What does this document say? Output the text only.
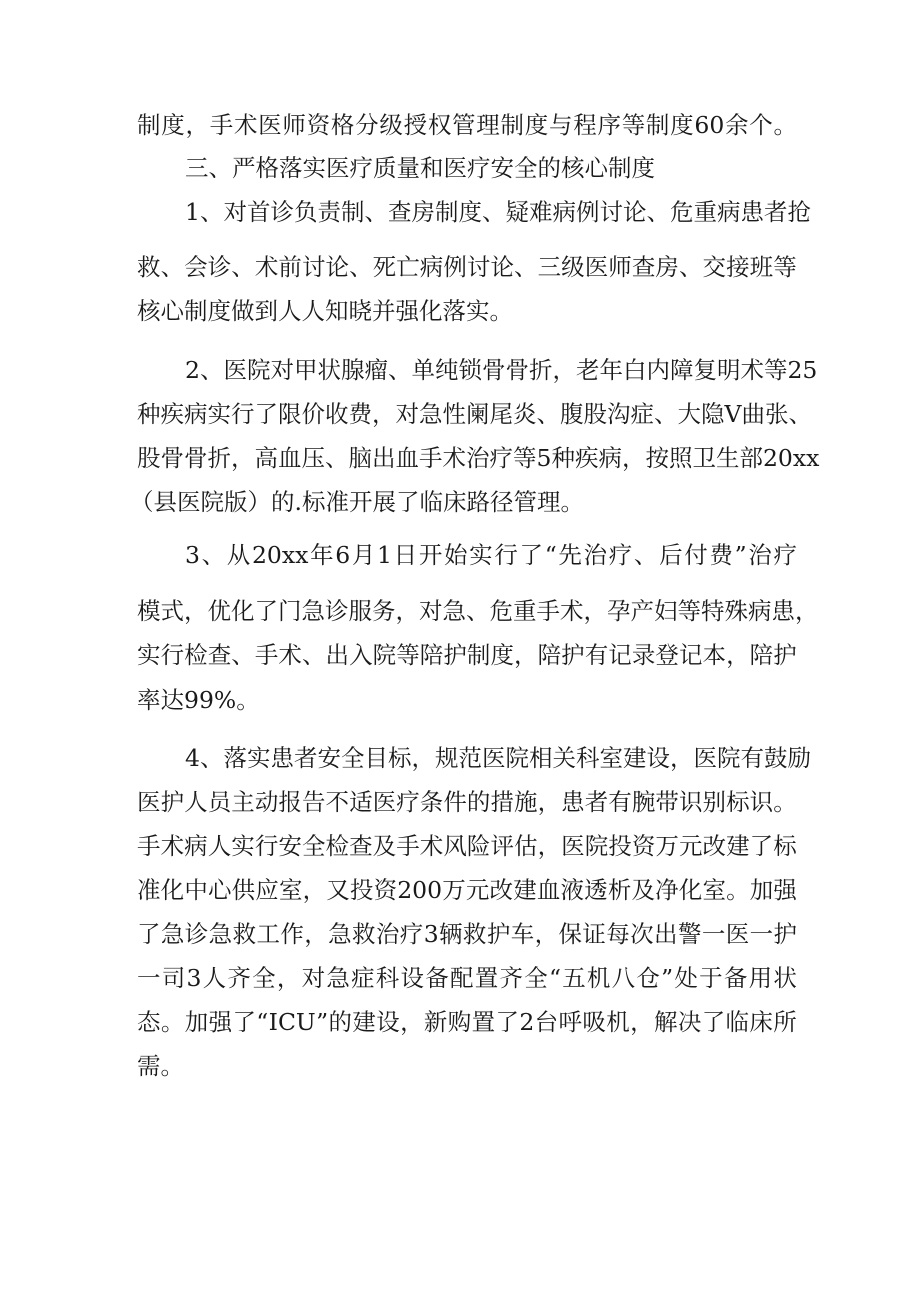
制 度 ， 手 术 医 师 资 格 分 级 授 权 管 理 制 度 与 程 序 等 制 度 60 余 个 。
三、严格落实医疗质量和医疗安全的核心制度
1 、 对 首 诊 负 责 制 、 查 房 制 度 、 疑 难 病 例 讨 论 、 危 重 病 患 者 抢
救 、 会 诊 、 术 前 讨 论 、 死 亡 病 例 讨 论 、 三 级 医 师 查 房 、 交 接 班 等
核心制度做到人人知晓并强化落实。
2 、 医 院 对 甲 状 腺 瘤 、 单 纯 锁 骨 骨 折 ， 老 年 白 内 障 复 明 术 等 25
种 疾 病 实 行 了 限 价 收 费 ， 对 急 性 阑 尾 炎 、 腹 股 沟 症 、 大 隐 V 曲 张 、
股 骨 骨 折 ， 高 血 压 、 脑 出 血 手 术 治 疗 等 5 种 疾 病 ， 按 照 卫 生 部 20xx
（县医院版）的.标准开展了临床路径管理。
3 、 从 20xx 年 6 月 1 日 开 始 实 行 了 “ 先 治 疗 、 后 付 费 ” 治 疗
模 式 ， 优 化 了 门 急 诊 服 务 ， 对 急 、 危 重 手 术 ， 孕 产 妇 等 特 殊 病 患 ，
实 行 检 查 、 手 术 、 出 入 院 等 陪 护 制 度 ， 陪 护 有 记 录 登 记 本 ， 陪 护
率达99%。
4 、 落 实 患 者 安 全 目 标 ， 规 范 医 院 相 关 科 室 建 设 ， 医 院 有 鼓 励
医 护 人 员 主 动 报 告 不 适 医 疗 条 件 的 措 施 ， 患 者 有 腕 带 识 别 标 识 。
手 术 病 人 实 行 安 全 检 查 及 手 术 风 险 评 估 ， 医 院 投 资 万 元 改 建 了 标
准 化 中 心 供 应 室 ， 又 投 资 200 万 元 改 建 血 液 透 析 及 净 化 室 。 加 强
了 急 诊 急 救 工 作 ， 急 救 治 疗 3 辆 救 护 车 ， 保 证 每 次 出 警 一 医 一 护
一 司 3 人 齐 全 ， 对 急 症 科 设 备 配 置 齐 全 “ 五 机 八 仓 ” 处 于 备 用 状
态 。 加 强 了 “ ICU ” 的 建 设 ， 新 购 置 了 2 台 呼 吸 机 ， 解 决 了 临 床 所
需。
